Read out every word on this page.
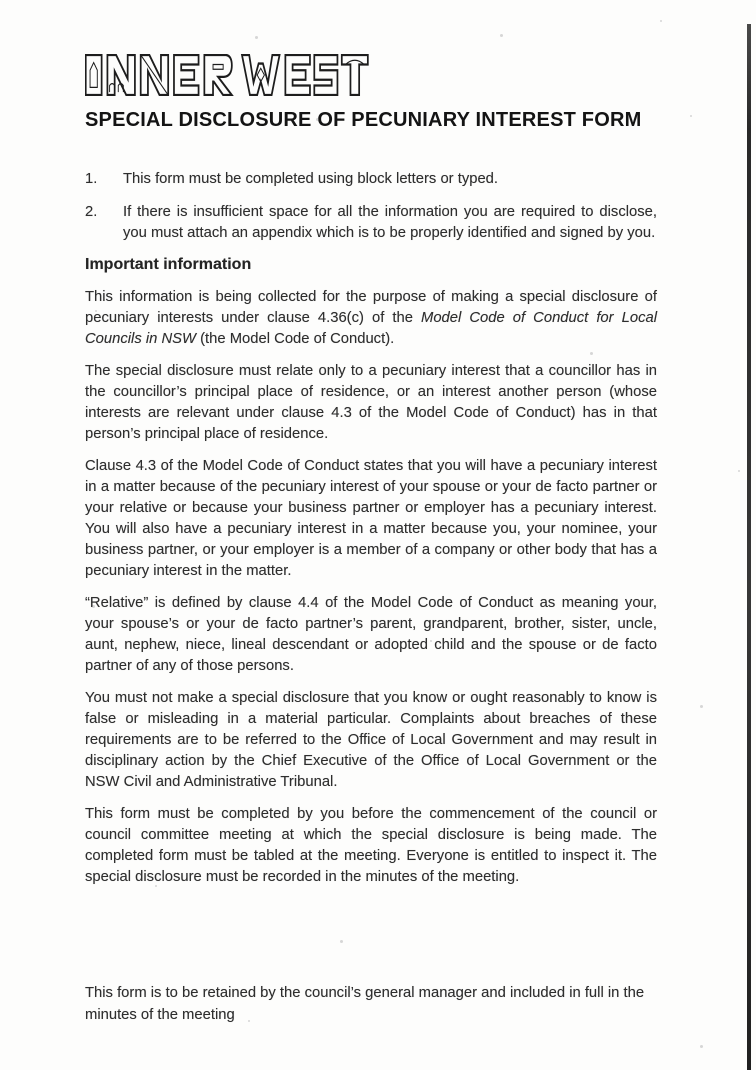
SPECIAL DISCLOSURE OF PECUNIARY INTEREST FORM
1.	This form must be completed using block letters or typed.
2.	If there is insufficient space for all the information you are required to disclose, you must attach an appendix which is to be properly identified and signed by you.
Important information

This information is being collected for the purpose of making a special disclosure of pecuniary interests under clause 4.36(c) of the Model Code of Conduct for Local Councils in NSW (the Model Code of Conduct).

The special disclosure must relate only to a pecuniary interest that a councillor has in the councillor’s principal place of residence, or an interest another person (whose interests are relevant under clause 4.3 of the Model Code of Conduct) has in that person’s principal place of residence.

Clause 4.3 of the Model Code of Conduct states that you will have a pecuniary interest in a matter because of the pecuniary interest of your spouse or your de facto partner or your relative or because your business partner or employer has a pecuniary interest. You will also have a pecuniary interest in a matter because you, your nominee, your business partner, or your employer is a member of a company or other body that has a pecuniary interest in the matter.

“Relative” is defined by clause 4.4 of the Model Code of Conduct as meaning your, your spouse’s or your de facto partner’s parent, grandparent, brother, sister, uncle, aunt, nephew, niece, lineal descendant or adopted child and the spouse or de facto partner of any of those persons.

You must not make a special disclosure that you know or ought reasonably to know is false or misleading in a material particular. Complaints about breaches of these requirements are to be referred to the Office of Local Government and may result in disciplinary action by the Chief Executive of the Office of Local Government or the NSW Civil and Administrative Tribunal.

This form must be completed by you before the commencement of the council or council committee meeting at which the special disclosure is being made. The completed form must be tabled at the meeting. Everyone is entitled to inspect it. The special disclosure must be recorded in the minutes of the meeting.

This form is to be retained by the council’s general manager and included in full in the minutes of the meeting
